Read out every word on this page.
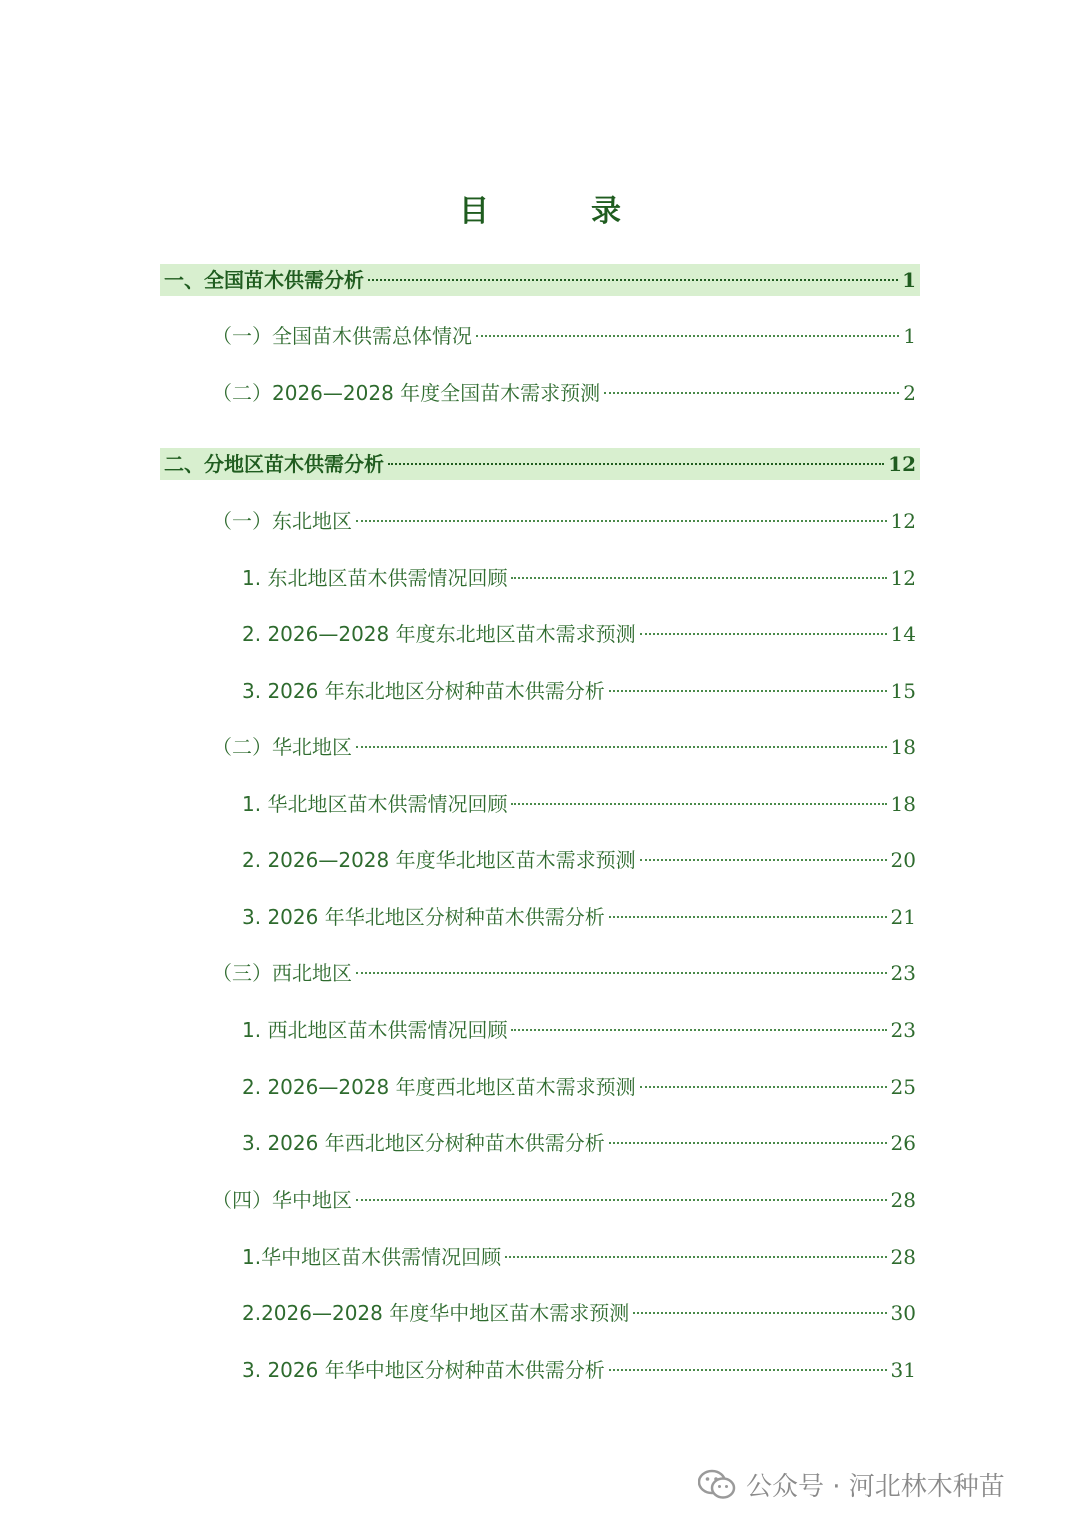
目　录
一、全国苗木供需分析	1
（一）全国苗木供需总体情况	1
（二）2026—2028 年度全国苗木需求预测	2
二、分地区苗木供需分析	12
（一）东北地区	12
1. 东北地区苗木供需情况回顾	12
2. 2026—2028 年度东北地区苗木需求预测	14
3. 2026 年东北地区分树种苗木供需分析	15
（二）华北地区	18
1. 华北地区苗木供需情况回顾	18
2. 2026—2028 年度华北地区苗木需求预测	20
3. 2026 年华北地区分树种苗木供需分析	21
（三）西北地区	23
1. 西北地区苗木供需情况回顾	23
2. 2026—2028 年度西北地区苗木需求预测	25
3. 2026 年西北地区分树种苗木供需分析	26
（四）华中地区	28
1.华中地区苗木供需情况回顾	28
2.2026—2028 年度华中地区苗木需求预测	30
3. 2026 年华中地区分树种苗木供需分析	31
公众号 · 河北林木种苗
